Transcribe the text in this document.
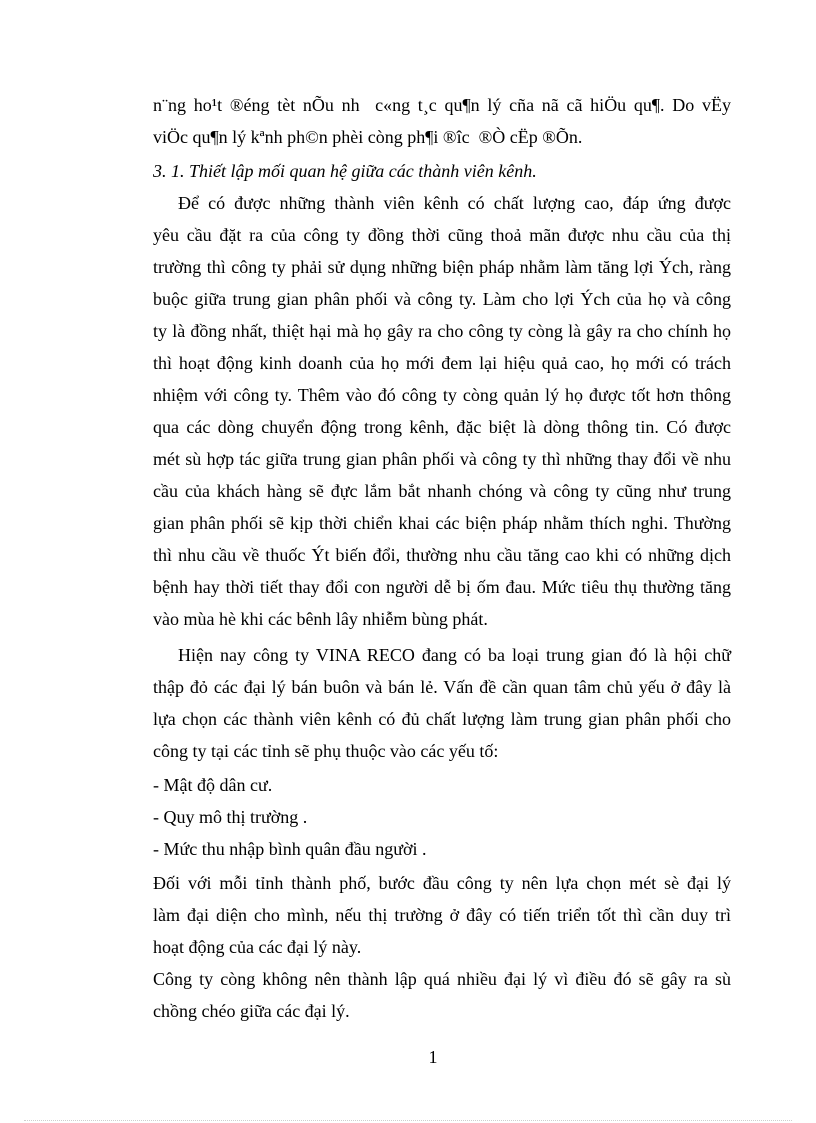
n¨ng ho¹t ®éng tèt nÕu nh  c«ng t¸c qu¶n lý cña nã cã hiÖu qu¶. Do vËy
viÖc qu¶n lý kªnh ph©n phèi còng ph¶i ®îc  ®Ò cËp ®Õn.
3. 1. Thiết lập mối quan hệ giữa các thành viên kênh.
Để có được những thành viên kênh có chất lượng cao, đáp ứng được
yêu cầu đặt ra của công ty đồng thời cũng thoả mãn được nhu cầu của thị
trường thì công ty phải sử dụng những biện pháp nhằm làm tăng lợi Ých, ràng
buộc giữa trung gian phân phối và công ty. Làm cho lợi Ých của họ và công
ty là đồng nhất, thiệt hại mà họ gây ra cho công ty còng là gây ra cho chính họ
thì hoạt động kinh doanh của họ mới đem lại hiệu quả cao, họ mới có trách
nhiệm với công ty. Thêm vào đó công ty còng quản lý họ được tốt hơn thông
qua các dòng chuyển động trong kênh, đặc biệt là dòng thông tin. Có được
mét sù hợp tác giữa trung gian phân phối và công ty thì những thay đổi về nhu
cầu của khách hàng sẽ đực lắm bắt nhanh chóng và công ty cũng như trung
gian phân phối sẽ kịp thời chiển khai các biện pháp nhằm thích nghi. Thường
thì nhu cầu về thuốc Ýt biến đổi, thường nhu cầu tăng cao khi có những dịch
bệnh hay thời tiết thay đổi con người dễ bị ốm đau. Mức tiêu thụ thường tăng
vào mùa hè khi các bênh lây nhiễm bùng phát.
Hiện nay công ty VINA RECO đang có ba loại trung gian đó là hội chữ
thập đỏ các đại lý bán buôn và bán lẻ. Vấn đề cần quan tâm chủ yếu ở đây là
lựa chọn các thành viên kênh có đủ chất lượng làm trung gian phân phối cho
công ty tại các tỉnh sẽ phụ thuộc vào các yếu tố:
- Mật độ dân cư.
- Quy mô thị trường .
- Mức thu nhập bình quân đầu người .
Đối với mỗi tỉnh thành phố, bước đầu công ty nên lựa chọn mét sè đại lý
làm đại diện cho mình, nếu thị trường ở đây có tiến triển tốt thì cần duy trì
hoạt động của các đại lý này.
Công ty còng không nên thành lập quá nhiều đại lý vì điều đó sẽ gây ra sù
chồng chéo giữa các đại lý.
1
